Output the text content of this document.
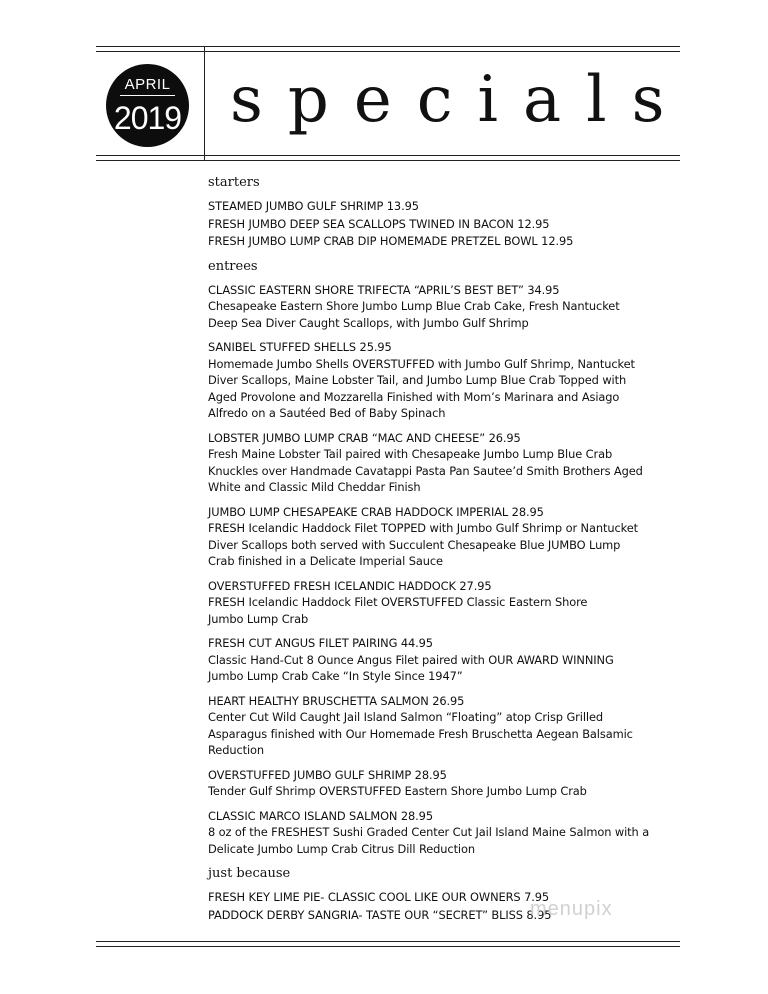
APRIL
2019 specials
starters
STEAMED JUMBO GULF SHRIMP 13.95
FRESH JUMBO DEEP SEA SCALLOPS TWINED IN BACON 12.95
FRESH JUMBO LUMP CRAB DIP HOMEMADE PRETZEL BOWL 12.95
entrees
CLASSIC EASTERN SHORE TRIFECTA “APRIL’S BEST BET” 34.95
Chesapeake Eastern Shore Jumbo Lump Blue Crab Cake, Fresh Nantucket
Deep Sea Diver Caught Scallops, with Jumbo Gulf Shrimp
SANIBEL STUFFED SHELLS 25.95
Homemade Jumbo Shells OVERSTUFFED with Jumbo Gulf Shrimp, Nantucket
Diver Scallops, Maine Lobster Tail, and Jumbo Lump Blue Crab Topped with
Aged Provolone and Mozzarella Finished with Mom’s Marinara and Asiago
Alfredo on a Sautéed Bed of Baby Spinach
LOBSTER JUMBO LUMP CRAB “MAC AND CHEESE” 26.95
Fresh Maine Lobster Tail paired with Chesapeake Jumbo Lump Blue Crab
Knuckles over Handmade Cavatappi Pasta Pan Sautee’d Smith Brothers Aged
White and Classic Mild Cheddar Finish
JUMBO LUMP CHESAPEAKE CRAB HADDOCK IMPERIAL 28.95
FRESH Icelandic Haddock Filet TOPPED with Jumbo Gulf Shrimp or Nantucket
Diver Scallops both served with Succulent Chesapeake Blue JUMBO Lump
Crab finished in a Delicate Imperial Sauce
OVERSTUFFED FRESH ICELANDIC HADDOCK 27.95
FRESH Icelandic Haddock Filet OVERSTUFFED Classic Eastern Shore
Jumbo Lump Crab
FRESH CUT ANGUS FILET PAIRING 44.95
Classic Hand-Cut 8 Ounce Angus Filet paired with OUR AWARD WINNING
Jumbo Lump Crab Cake “In Style Since 1947”
HEART HEALTHY BRUSCHETTA SALMON 26.95
Center Cut Wild Caught Jail Island Salmon “Floating” atop Crisp Grilled
Asparagus finished with Our Homemade Fresh Bruschetta Aegean Balsamic
Reduction
OVERSTUFFED JUMBO GULF SHRIMP 28.95
Tender Gulf Shrimp OVERSTUFFED Eastern Shore Jumbo Lump Crab
CLASSIC MARCO ISLAND SALMON 28.95
8 oz of the FRESHEST Sushi Graded Center Cut Jail Island Maine Salmon with a
Delicate Jumbo Lump Crab Citrus Dill Reduction
just because
FRESH KEY LIME PIE- CLASSIC COOL LIKE OUR OWNERS 7.95
PADDOCK DERBY SANGRIA- TASTE OUR “SECRET” BLISS 8.95
menupix
